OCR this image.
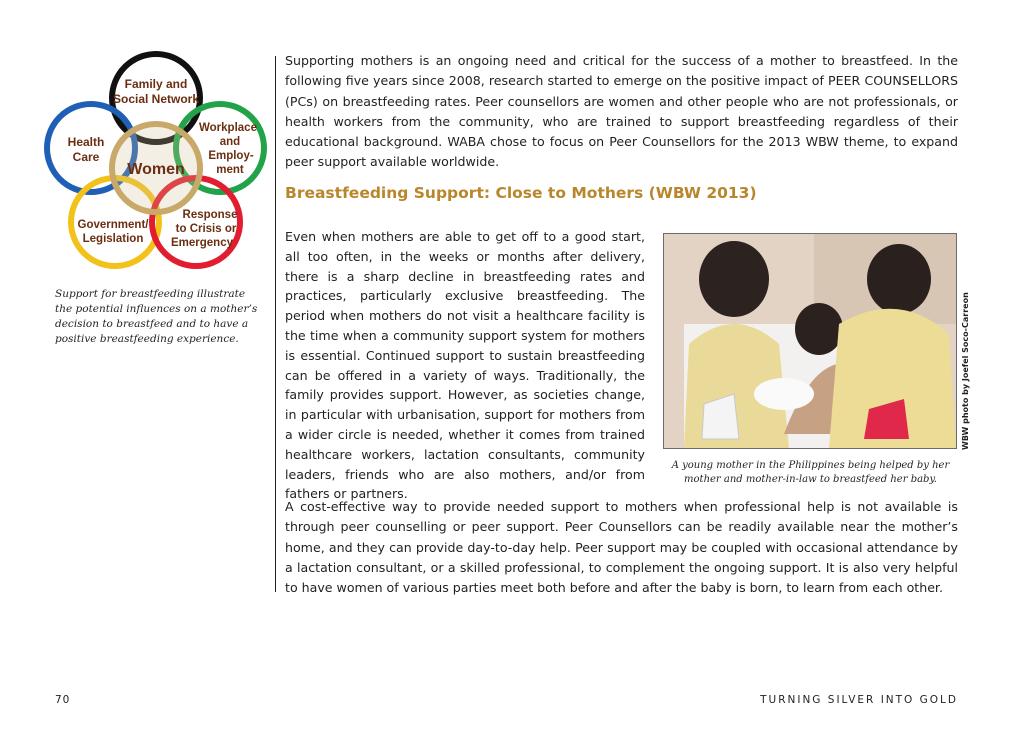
Family and
Social Network
Health
Care
Workplace
and
Employ-
ment
Government/
Legislation
Response
to Crisis or
Emergency
Women
Support for breastfeeding illustrate the potential influences on a mother’s decision to breastfeed and to have a positive breastfeeding experience.

Supporting mothers is an ongoing need and critical for the success of a mother to breastfeed. In the following five years since 2008, research started to emerge on the positive impact of PEER COUNSELLORS (PCs) on breastfeeding rates. Peer counsellors are women and other people who are not professionals, or health workers from the community, who are trained to support breastfeeding regardless of their educational background. WABA chose to focus on Peer Counsellors for the 2013 WBW theme, to expand peer support available worldwide.

Breastfeeding Support: Close to Mothers (WBW 2013)

Even when mothers are able to get off to a good start, all too often, in the weeks or months after delivery, there is a sharp decline in breastfeeding rates and practices, particularly exclusive breastfeeding. The period when mothers do not visit a healthcare facility is the time when a community support system for mothers is essential. Continued support to sustain breastfeeding can be offered in a variety of ways. Traditionally, the family provides support. However, as societies change, in particular with urbanisation, support for mothers from a wider circle is needed, whether it comes from trained healthcare workers, lactation consultants, community leaders, friends who are also mothers, and/or from fathers or partners.

WBW photo by Joefel Soco-Carreon

A young mother in the Philippines being helped by her mother and mother-in-law to breastfeed her baby.

A cost-effective way to provide needed support to mothers when professional help is not available is through peer counselling or peer support. Peer Counsellors can be readily available near the mother’s home, and they can provide day-to-day help. Peer support may be coupled with occasional attendance by a lactation consultant, or a skilled professional, to complement the ongoing support. It is also very helpful to have women of various parties meet both before and after the baby is born, to learn from each other.

70	TURNING SILVER INTO GOLD
